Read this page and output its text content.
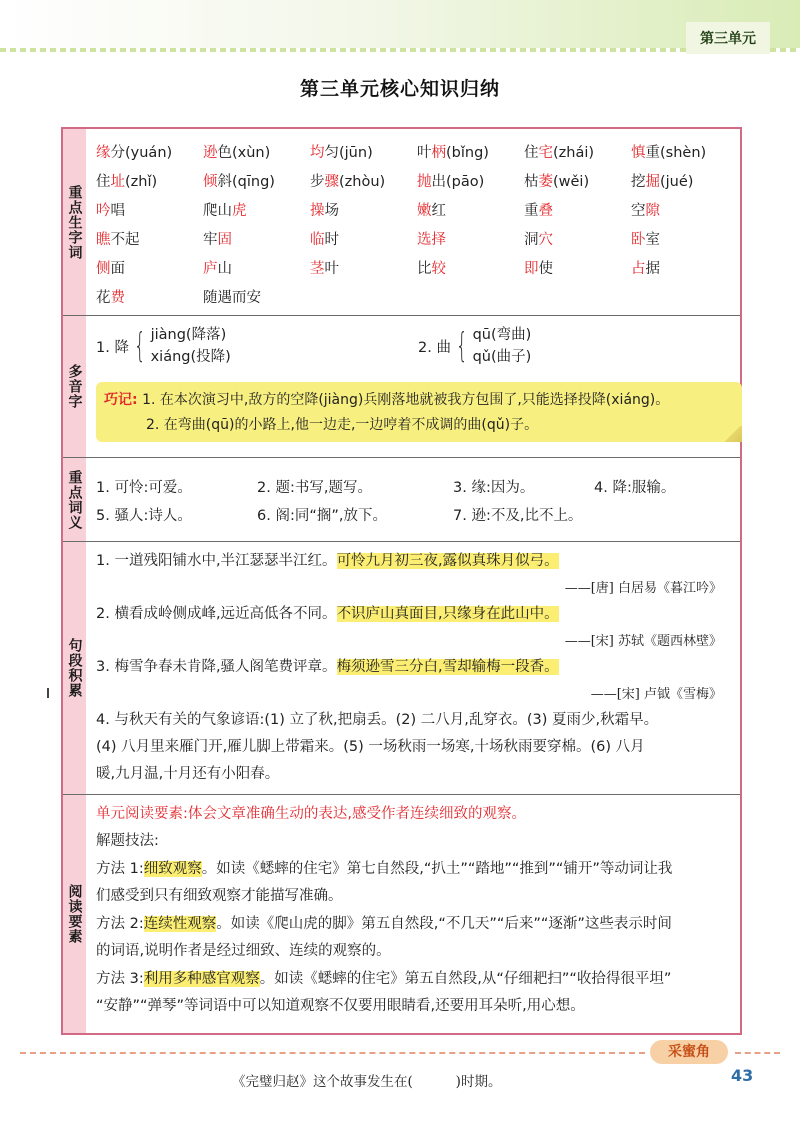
第三单元
第三单元核心知识归纳
重点生字词
缘分(yuán) 逊色(xùn)	均匀(jūn)	叶柄(bǐng) 住宅(zhái)	慎重(shèn)
住址(zhǐ)	倾斜(qīng) 步骤(zhòu) 抛出(pāo)	枯萎(wěi)	挖掘(jué)
吟唱	爬山虎	操场	嫩红	重叠	空隙
瞧不起	牢固	临时	选择	洞穴	卧室
侧面	庐山	茎叶	比较	即使	占据
花费	随遇而安
多音字
1. 降 { jiàng(降落)
xiáng(投降)
2. 曲 { qū(弯曲)
qǔ(曲子)
巧记: 1. 在本次演习中,敌方的空降(jiàng)兵刚落地就被我方包围了,只能选择投降(xiáng)。
2. 在弯曲(qū)的小路上,他一边走,一边哼着不成调的曲(qǔ)子。
重点词义 1. 可怜:可爱。	2. 题:书写,题写。	3. 缘:因为。	4. 降:服输。
5. 骚人:诗人。	6. 阁:同“搁”,放下。	7. 逊:不及,比不上。
句段积累
1. 一道残阳铺水中,半江瑟瑟半江红。可怜九月初三夜,露似真珠月似弓。
——[唐] 白居易《暮江吟》
2. 横看成岭侧成峰,远近高低各不同。不识庐山真面目,只缘身在此山中。
——[宋] 苏轼《题西林壁》
3. 梅雪争春未肯降,骚人阁笔费评章。梅须逊雪三分白,雪却输梅一段香。
——[宋] 卢钺《雪梅》
4. 与秋天有关的气象谚语:(1) 立了秋,把扇丢。(2) 二八月,乱穿衣。(3) 夏雨少,秋霜早。
(4) 八月里来雁门开,雁儿脚上带霜来。(5) 一场秋雨一场寒,十场秋雨要穿棉。(6) 八月
暖,九月温,十月还有小阳春。
阅读要素
单元阅读要素:体会文章准确生动的表达,感受作者连续细致的观察。
解题技法:
方法 1:细致观察。如读《蟋蟀的住宅》第七自然段,“扒土”“踏地”“推到”“铺开”等动词让我
们感受到只有细致观察才能描写准确。
方法 2:连续性观察。如读《爬山虎的脚》第五自然段,“不几天”“后来”“逐渐”这些表示时间
的词语,说明作者是经过细致、连续的观察的。
方法 3:利用多种感官观察。如读《蟋蟀的住宅》第五自然段,从“仔细耙扫”“收拾得很平坦”
“安静”“弹琴”等词语中可以知道观察不仅要用眼睛看,还要用耳朵听,用心想。
采蜜角
《完璧归赵》这个故事发生在(          )时期。	43
